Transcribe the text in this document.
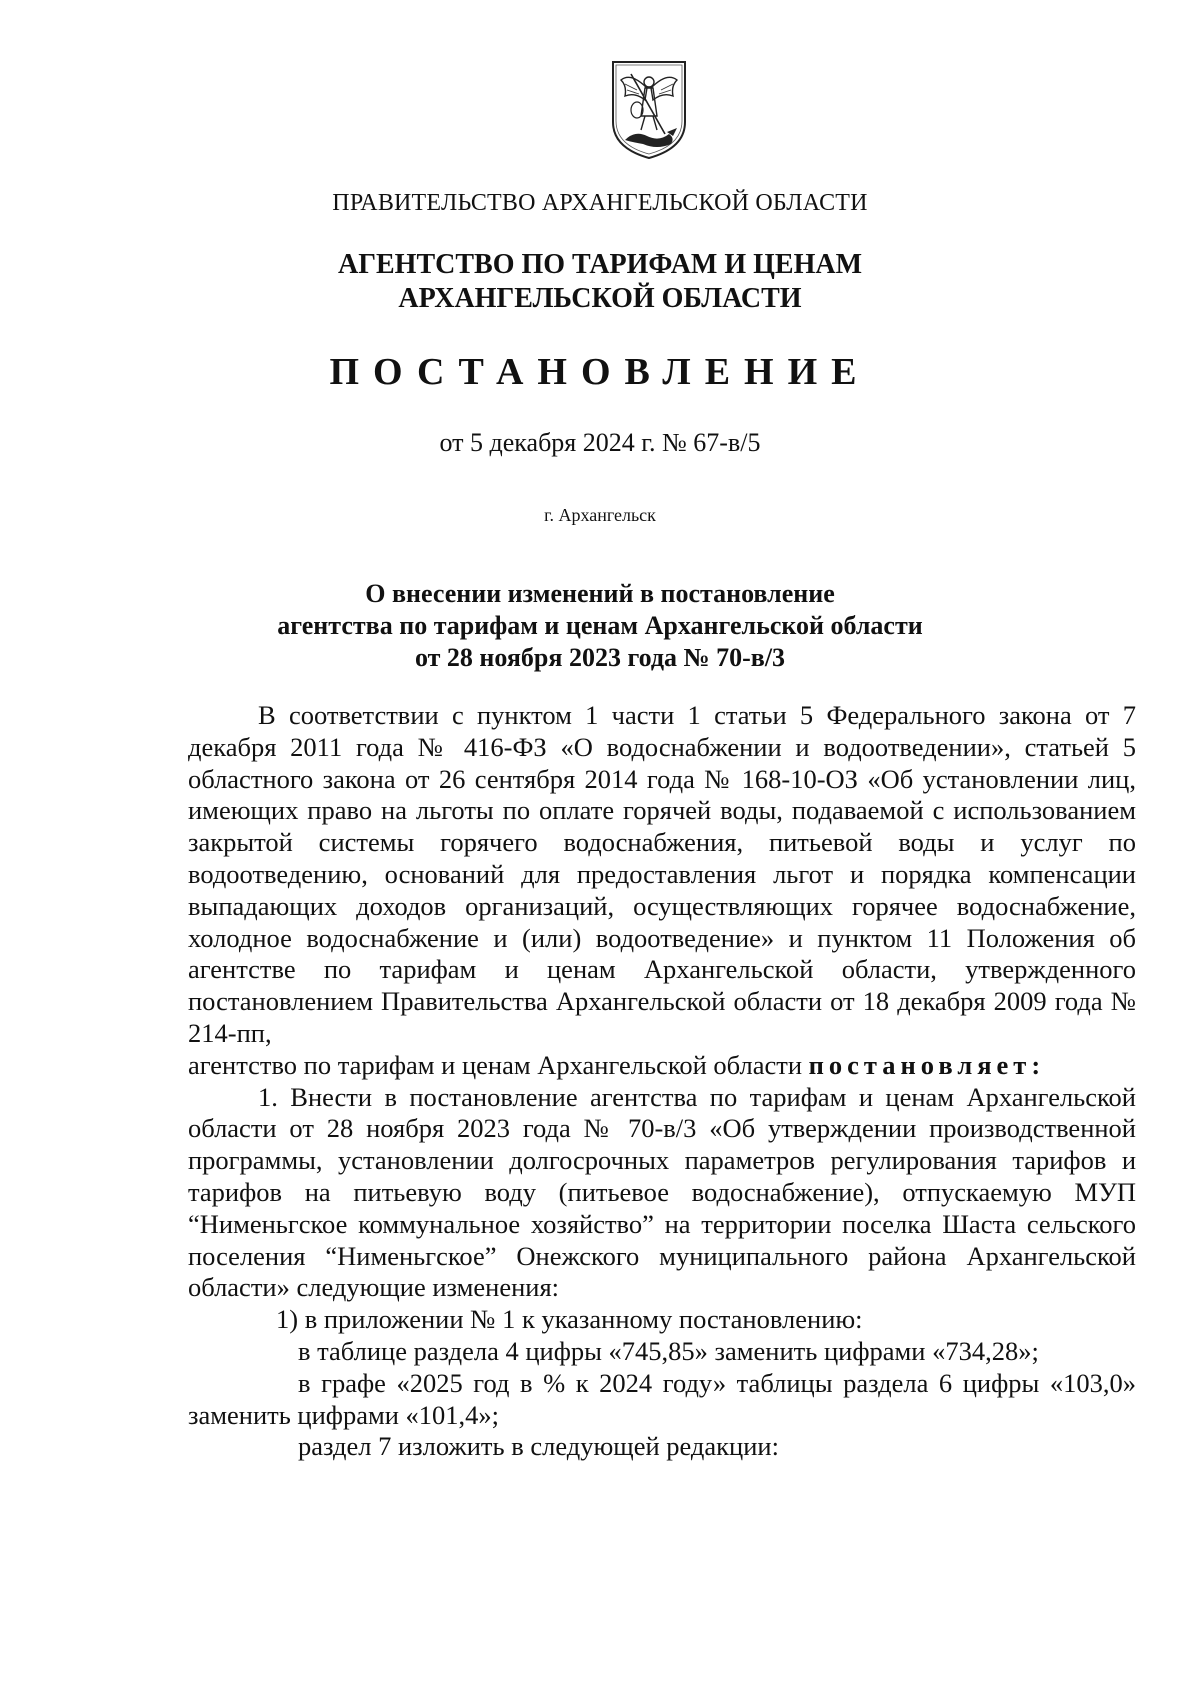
ПРАВИТЕЛЬСТВО АРХАНГЕЛЬСКОЙ ОБЛАСТИ
АГЕНТСТВО ПО ТАРИФАМ И ЦЕНАМ
АРХАНГЕЛЬСКОЙ ОБЛАСТИ
ПОСТАНОВЛЕНИЕ
от 5 декабря 2024 г. № 67-в/5
г. Архангельск
О внесении изменений в постановление
агентства по тарифам и ценам Архангельской области
от 28 ноября 2023 года № 70-в/3

В соответствии с пунктом 1 части 1 статьи 5 Федерального закона от 7 декабря 2011 года № 416-ФЗ «О водоснабжении и водоотведении», статьей 5 областного закона от 26 сентября 2014 года № 168-10-ОЗ «Об установлении лиц, имеющих право на льготы по оплате горячей воды, подаваемой с использованием закрытой системы горячего водоснабжения, питьевой воды и услуг по водоотведению, оснований для предоставления льгот и порядка компенсации выпадающих доходов организаций, осуществляющих горячее водоснабжение, холодное водоснабжение и (или) водоотведение» и пунктом 11 Положения об агентстве по тарифам и ценам Архангельской области, утвержденного постановлением Правительства Архангельской области от 18 декабря 2009 года № 214-пп,

агентство по тарифам и ценам Архангельской области постановляет:

1. Внести в постановление агентства по тарифам и ценам Архангельской области от 28 ноября 2023 года № 70-в/3 «Об утверждении производственной программы, установлении долгосрочных параметров регулирования тарифов и тарифов на питьевую воду (питьевое водоснабжение), отпускаемую МУП “Нименьгское коммунальное хозяйство” на территории поселка Шаста сельского поселения “Нименьгское” Онежского муниципального района Архангельской области» следующие изменения:

1) в приложении № 1 к указанному постановлению:

в таблице раздела 4 цифры «745,85» заменить цифрами «734,28»;

в графе «2025 год в % к 2024 году» таблицы раздела 6 цифры «103,0» заменить цифрами «101,4»;

раздел 7 изложить в следующей редакции:
